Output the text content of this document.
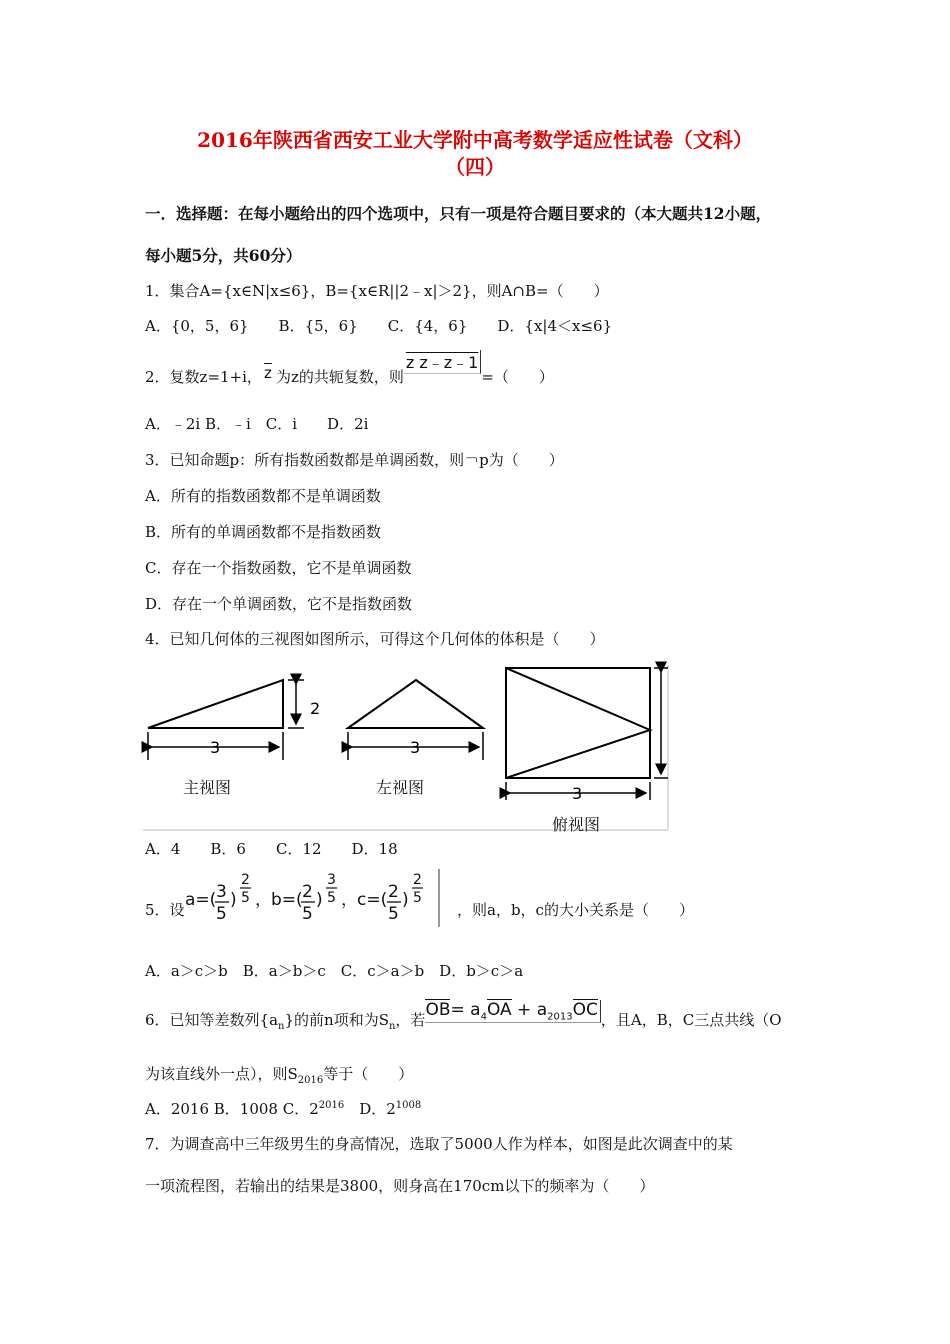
2016年陕西省西安工业大学附中高考数学适应性试卷（文科）
（四）
一．选择题：在每小题给出的四个选项中，只有一项是符合题目要求的（本大题共12小题，
每小题5分，共60分）
1．集合A={x∈N|x≤6}，B={x∈R||2﹣x|＞2}，则A∩B=（　　）
A．{0，5，6}　　B．{5，6}　　C．{4，6}　　D．{x|4＜x≤6}
2．复数z=1+i， $\overline{z}$ 为z的共轭复数，则z z﹣z﹣1=（　　）
A．﹣2i B．﹣i　C．i　　D．2i
3．已知命题p：所有指数函数都是单调函数，则￢p为（　　）
A．所有的指数函数都不是单调函数
B．所有的单调函数都不是指数函数
C．存在一个指数函数，它不是单调函数
D．存在一个单调函数，它不是指数函数
4．已知几何体的三视图如图所示，可得这个几何体的体积是（　　）
2
3	3
3
主视图	左视图
俯视图
A．4　　B．6　　C．12　　D．18
5．设 a=( 3
5
)
2
5 ， b=( 2
5
)
3
5 ， c=( 2
5
)
2
5
，则a，b，c的大小关系是（　　）
A．a＞c＞b　B．a＞b＞c　C．c＞a＞b　D．b＞c＞a
6．已知等差数列$\{a_n\}$的前n项和为$S_n$，若$OB= a_4OA + a_{2013}OC$ ，且A，B，C三点共线（O
为该直线外一点），则$S_{2016}$等于（　　）
A．2016 B．1008 C．$2^{2016}$　D．$2^{1008}$
7．为调查高中三年级男生的身高情况，选取了5000人作为样本，如图是此次调查中的某
一项流程图，若输出的结果是3800，则身高在170cm以下的频率为（　　）
